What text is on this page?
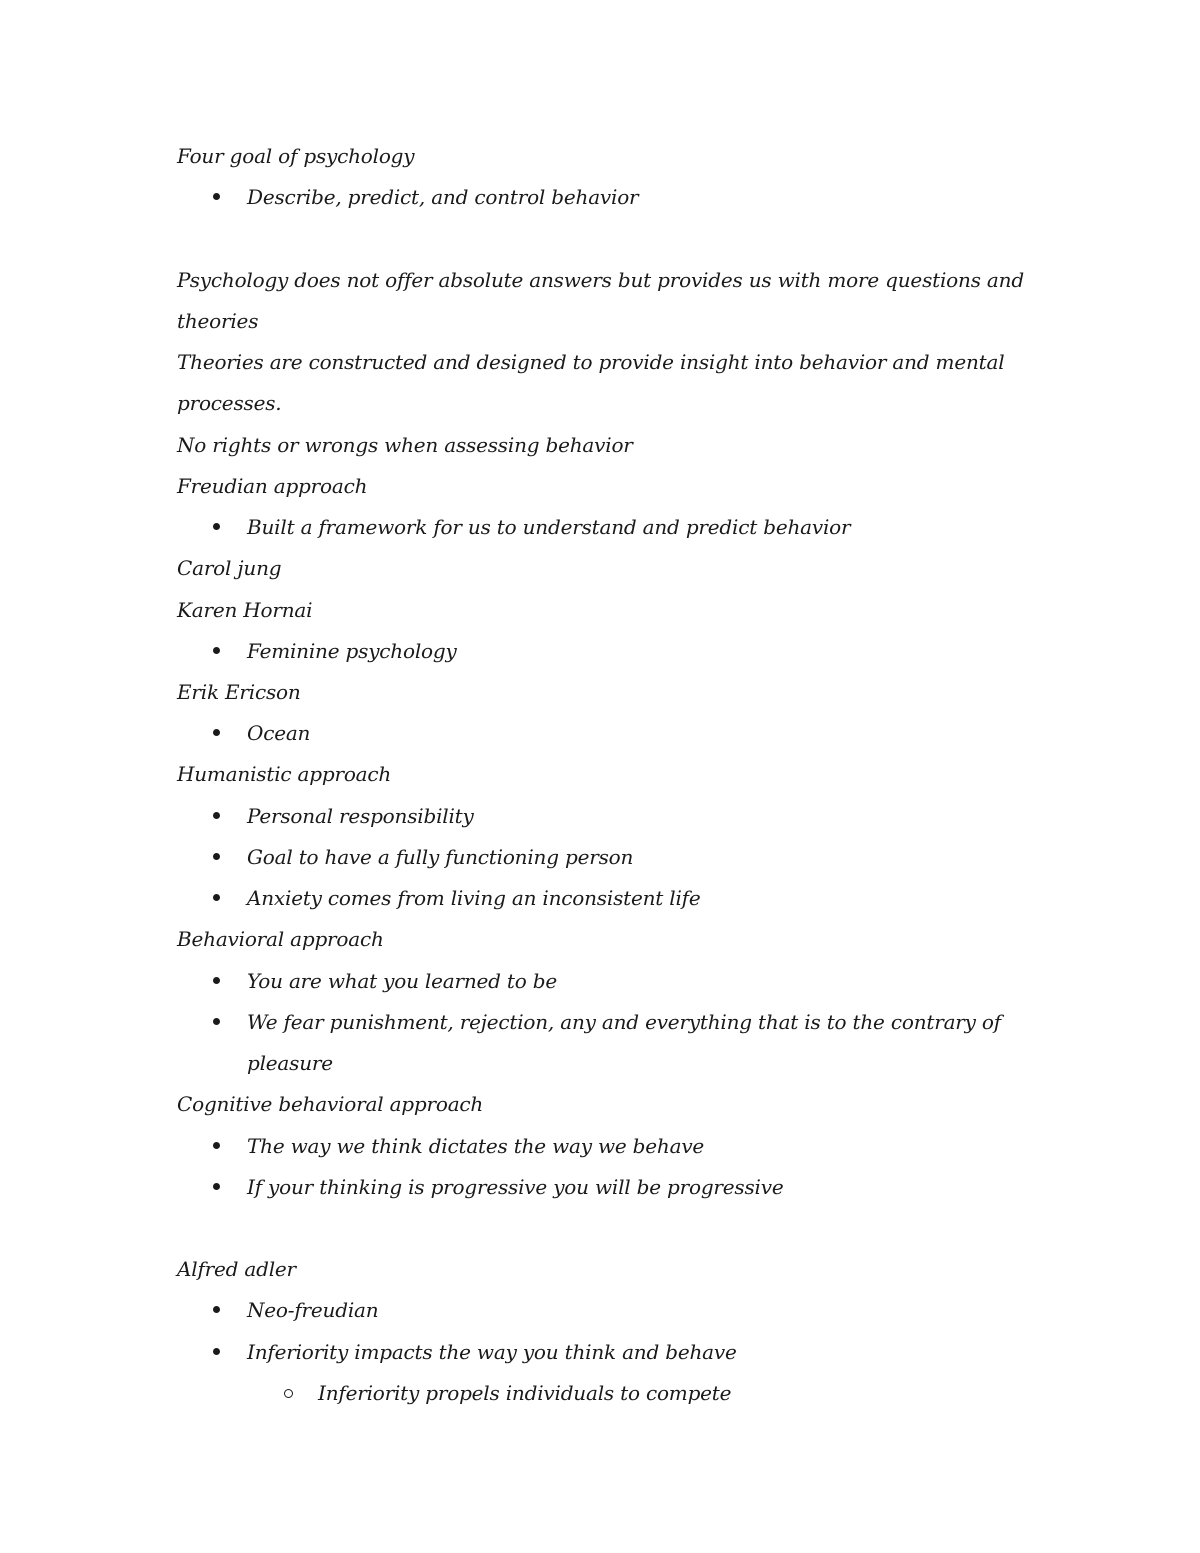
Four goal of psychology
Describe, predict, and control behavior
Psychology does not offer absolute answers but provides us with more questions and
theories
Theories are constructed and designed to provide insight into behavior and mental
processes.
No rights or wrongs when assessing behavior
Freudian approach
Built a framework for us to understand and predict behavior
Carol jung
Karen Hornai
Feminine psychology
Erik Ericson
Ocean
Humanistic approach
Personal responsibility
Goal to have a fully functioning person
Anxiety comes from living an inconsistent life
Behavioral approach
You are what you learned to be
We fear punishment, rejection, any and everything that is to the contrary of
pleasure
Cognitive behavioral approach
The way we think dictates the way we behave
If your thinking is progressive you will be progressive
Alfred adler
Neo-freudian
Inferiority impacts the way you think and behave
Inferiority propels individuals to compete
